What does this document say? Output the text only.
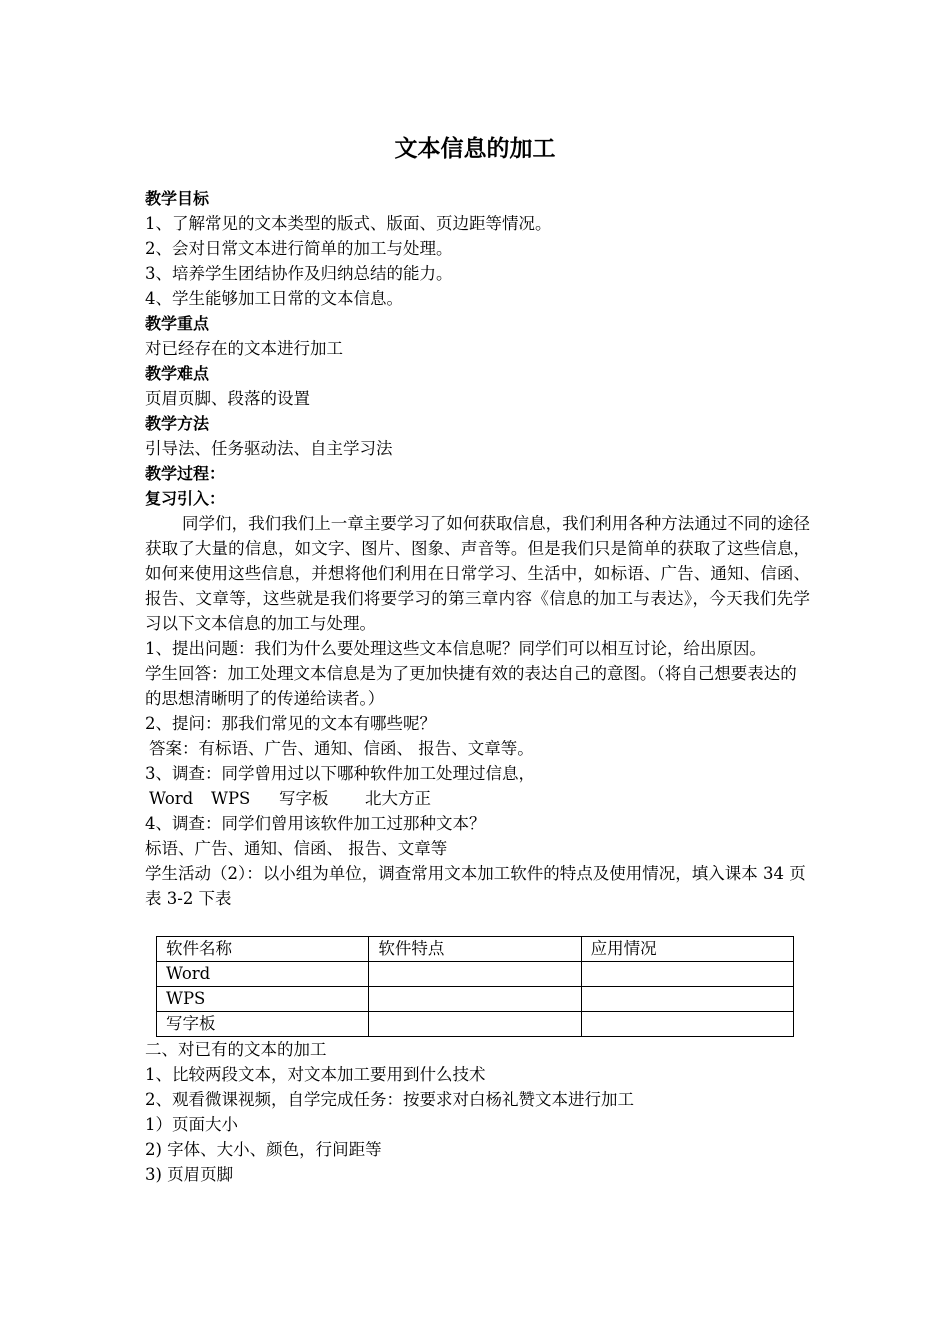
文本信息的加工
教学目标
1、了解常见的文本类型的版式、版面、页边距等情况。
2、会对日常文本进行简单的加工与处理。
3、培养学生团结协作及归纳总结的能力。
4、学生能够加工日常的文本信息。
教学重点
对已经存在的文本进行加工
教学难点
页眉页脚、段落的设置
教学方法
引导法、任务驱动法、自主学习法
教学过程：
复习引入：
同学们，我们我们上一章主要学习了如何获取信息，我们利用各种方法通过不同的途径获取了大量的信息，如文字、图片、图象、声音等。但是我们只是简单的获取了这些信息，如何来使用这些信息，并想将他们利用在日常学习、生活中，如标语、广告、通知、信函、报告、文章等，这些就是我们将要学习的第三章内容《信息的加工与表达》，今天我们先学习以下文本信息的加工与处理。
1、提出问题：我们为什么要处理这些文本信息呢？同学们可以相互讨论，给出原因。
学生回答：加工处理文本信息是为了更加快捷有效的表达自己的意图。（将自己想要表达的的思想清晰明了的传递给读者。）
2、提问：那我们常见的文本有哪些呢？
答案：有标语、广告、通知、信函、 报告、文章等。
3、调查：同学曾用过以下哪种软件加工处理过信息，
Word WPS 写字板 北大方正
4、调查：同学们曾用该软件加工过那种文本？
标语、广告、通知、信函、 报告、文章等
学生活动（2）：以小组为单位，调查常用文本加工软件的特点及使用情况，填入课本 34 页表 3-2 下表
软件名称	软件特点	应用情况
Word		
WPS		
写字板		
二、对已有的文本的加工
1、比较两段文本，对文本加工要用到什么技术
2、观看微课视频，自学完成任务：按要求对白杨礼赞文本进行加工
1）页面大小
2) 字体、大小、颜色，行间距等
3) 页眉页脚
